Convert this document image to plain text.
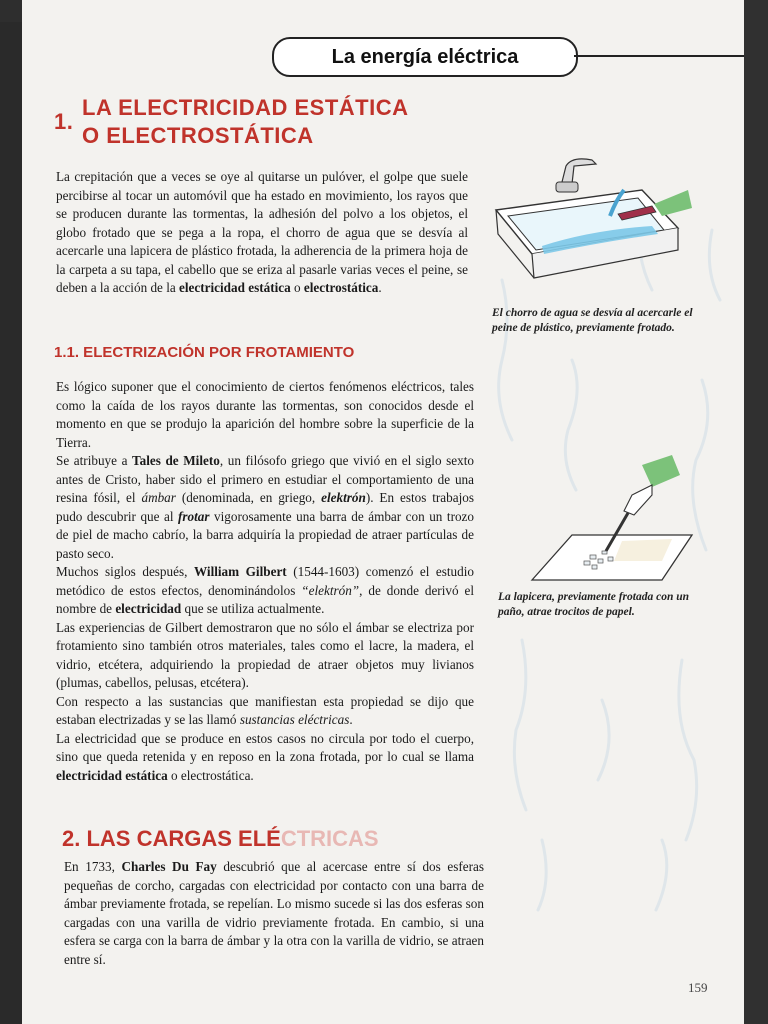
La energía eléctrica
1.
LA ELECTRICIDAD ESTÁTICA
O ELECTROSTÁTICA

La crepitación que a veces se oye al quitarse un pulóver, el golpe que suele percibirse al tocar un automóvil que ha estado en movimiento, los rayos que se producen durante las tormentas, la adhesión del polvo a los objetos, el globo frotado que se pega a la ropa, el chorro de agua que se desvía al acercarle una lapicera de plástico frotada, la adherencia de la primera hoja de la carpeta a su tapa, el cabello que se eriza al pasarle varias veces el peine, se deben a la acción de la electricidad estática o electrostática.

1.1. ELECTRIZACIÓN POR FROTAMIENTO

Es lógico suponer que el conocimiento de ciertos fenómenos eléctricos, tales como la caída de los rayos durante las tormentas, son conocidos desde el momento en que se produjo la aparición del hombre sobre la superficie de la Tierra.
Se atribuye a Tales de Mileto, un filósofo griego que vivió en el siglo sexto antes de Cristo, haber sido el primero en estudiar el comportamiento de una resina fósil, el ámbar (denominada, en griego, elektrón). En estos trabajos pudo descubrir que al frotar vigorosamente una barra de ámbar con un trozo de piel de macho cabrío, la barra adquiría la propiedad de atraer partículas de pasto seco.
Muchos siglos después, William Gilbert (1544-1603) comenzó el estudio metódico de estos efectos, denominándolos “elektrón”, de donde derivó el nombre de electricidad que se utiliza actualmente.
Las experiencias de Gilbert demostraron que no sólo el ámbar se electriza por frotamiento sino también otros materiales, tales como el lacre, la madera, el vidrio, etcétera, adquiriendo la propiedad de atraer objetos muy livianos (plumas, cabellos, pelusas, etcétera).
Con respecto a las sustancias que manifiestan esta propiedad se dijo que estaban electrizadas y se las llamó sustancias eléctricas.
La electricidad que se produce en estos casos no circula por todo el cuerpo, sino que queda retenida y en reposo en la zona frotada, por lo cual se llama electricidad estática o electrostática.

2. LAS CARGAS ELÉCTRICAS

En 1733, Charles Du Fay descubrió que al acercase entre sí dos esferas pequeñas de corcho, cargadas con electricidad por contacto con una barra de ámbar previamente frotada, se repelían. Lo mismo sucede si las dos esferas son cargadas con una varilla de vidrio previamente frotada. En cambio, si una esfera se carga con la barra de ámbar y la otra con la varilla de vidrio, se atraen entre sí.

El chorro de agua se desvía al acercarle el peine de plástico, previamente frotado.

La lapicera, previamente frotada con un paño, atrae trocitos de papel.

159
